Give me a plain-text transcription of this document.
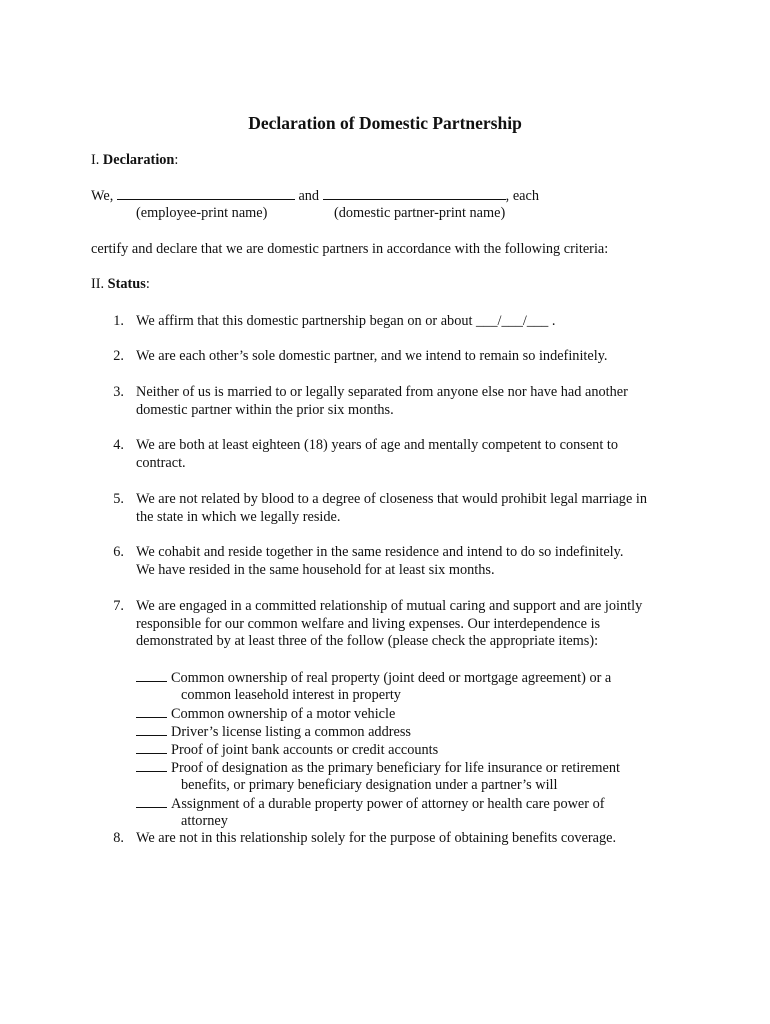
Declaration of Domestic Partnership
I. Declaration:
We,	and	, each
(employee-print name)	(domestic partner-print name)
certify and declare that we are domestic partners in accordance with the following criteria:
II. Status:
1. We affirm that this domestic partnership began on or about ___/___/___ .
2. We are each other’s sole domestic partner, and we intend to remain so indefinitely.
3. Neither of us is married to or legally separated from anyone else nor have had another
domestic partner within the prior six months.
4. We are both at least eighteen (18) years of age and mentally competent to consent to
contract.
5. We are not related by blood to a degree of closeness that would prohibit legal marriage in
the state in which we legally reside.
6. We cohabit and reside together in the same residence and intend to do so indefinitely.
We have resided in the same household for at least six months.
7. We are engaged in a committed relationship of mutual caring and support and are jointly
responsible for our common welfare and living expenses. Our interdependence is
demonstrated by at least three of the follow (please check the appropriate items):
Common ownership of real property (joint deed or mortgage agreement) or a
common leasehold interest in property
Common ownership of a motor vehicle
Driver’s license listing a common address
Proof of joint bank accounts or credit accounts
Proof of designation as the primary beneficiary for life insurance or retirement
benefits, or primary beneficiary designation under a partner’s will
Assignment of a durable property power of attorney or health care power of
attorney
8. We are not in this relationship solely for the purpose of obtaining benefits coverage.
